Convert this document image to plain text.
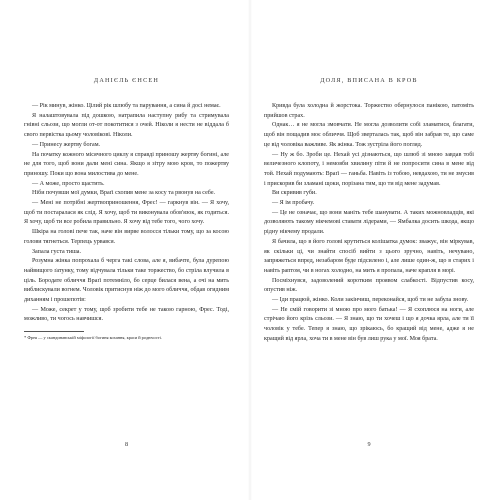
ДАНІЄЛЬ ЄНСЕН

— Рік минув, жінко. Цілий рік шлюбу та парування, а сина й досі немає.

Я налаштовувала під дошкою, натрапила наступну рибу та стримувала гнівні сльози, що могли от-от покотитися з очей. Ніколи я нести не віддала б свого первістка цьому чоловікові. Ніколи.

— Принесу жертву богам.

На початку кожного місячного циклу я справді приношу жертву богині, але не для того, щоб вони дали мені сина. Якщо я зітру мою кров, то пожертву приношу. Поки що вона милостива до мене.

— А може, просто щастить.

Ніби почувши мої думки, Враґі схопив мене за косу та рвонув на себе.

— Мені не потрібні жертвоприношення, Фрес! — гаркнув він. — Я хочу, щоб ти постаралася як слід. Я хочу, щоб ти виконувала обов'язок, як годиться. Я хочу, щоб ти все робила правильно. Я хочу від тебе того, чого хочу.

Шкіра на голові пече так, наче він вирве волосся тільки тому, що за косою голови тягнеться. Терпець урвався.

Запала густа тиша.

Розумна жінка попрохала б черга такі слова, але я, вибачте, була дурепою найвищого ґатунку, тому відчувала тільки таке торжество, бо стріла влучила в ціль. Бородате обличчя Враґі потемніло, бо серце билася вена, а очі на мить виблискували вогнем. Чоловік притиснув ніж до мого обличчя, обдав огидним диханням і прошепотів:

— Може, секрет у тому, щоб зробити тебе не такою гарною, Фрес. Тоді, можливо, ти чогось навчишся.

* Фрея — у скандинавській міфології богиня кохання, краси й родючості.

8
ДОЛЯ, ВПИСАНА В КРОВ

Кривда була холодна й жорстока. Торжество обернулося панікою, патоміть прийшов страх.

Однак… я не могла змовчати. Не могла дозволити собі зламатися, благати, щоб він пощадив моє обличчя. Щоб зверталась так, щоб він забрав те, що саме це від чоловіка важливе. Як жінка. Тож зустріла його погляд.

— Ну ж бо. Зроби це. Нехай усі дізнаються, що шлюб зі мною завдав тобі величезного клопоту, і немовби хвилину піти й не попросити сина в мене від той. Нехай подумають: Враґі — ганьба. Навіть із тобою, невдахою, ти не змусив і прискорив би зламані щоки, порізана тим, що ти від мене задумав.

Ви скривив губи.

— Я ім пробачу.

— Це не означає, що вони маніть тебе шанувати. А таких можновладців, які дозволяють такому нікчемові ставати лідерами, — Ямбалка досить шкода, якщо рідну нікчему продали.

Я бачила, що в його голові крутиться колішатка думок: зважує, він міркував, як скільки ці, чи знайти спосіб вийти з цього зручно, навіть, нечувано, запряжеться впред, незабаром буде підсилено і, але лише один-ж, що в старих і навіть раптом, чи в ногах холодно, на мить я пропала, наче крапля в морі.

Посміхнувся, задоволений коротким проявом слабкості. Відпустив косу, опустив ніж.

— Іди працюй, жінко. Коли закінчиш, переконайся, щоб ти не забула знову.

— Не смій говорити зі мною про мого батька! — Я схоплюся на ноги, але стрічаю його крізь сльози. — Я знаю, що ти хочеш і що я дочка ярла, але ти її чоловік у тебе. Тепер я знаю, що зрікаюсь, бо кращий від мене, адже я не кращий від ярла, хоча ти в мене він був лиш рука у мої. Моя брата.

9
